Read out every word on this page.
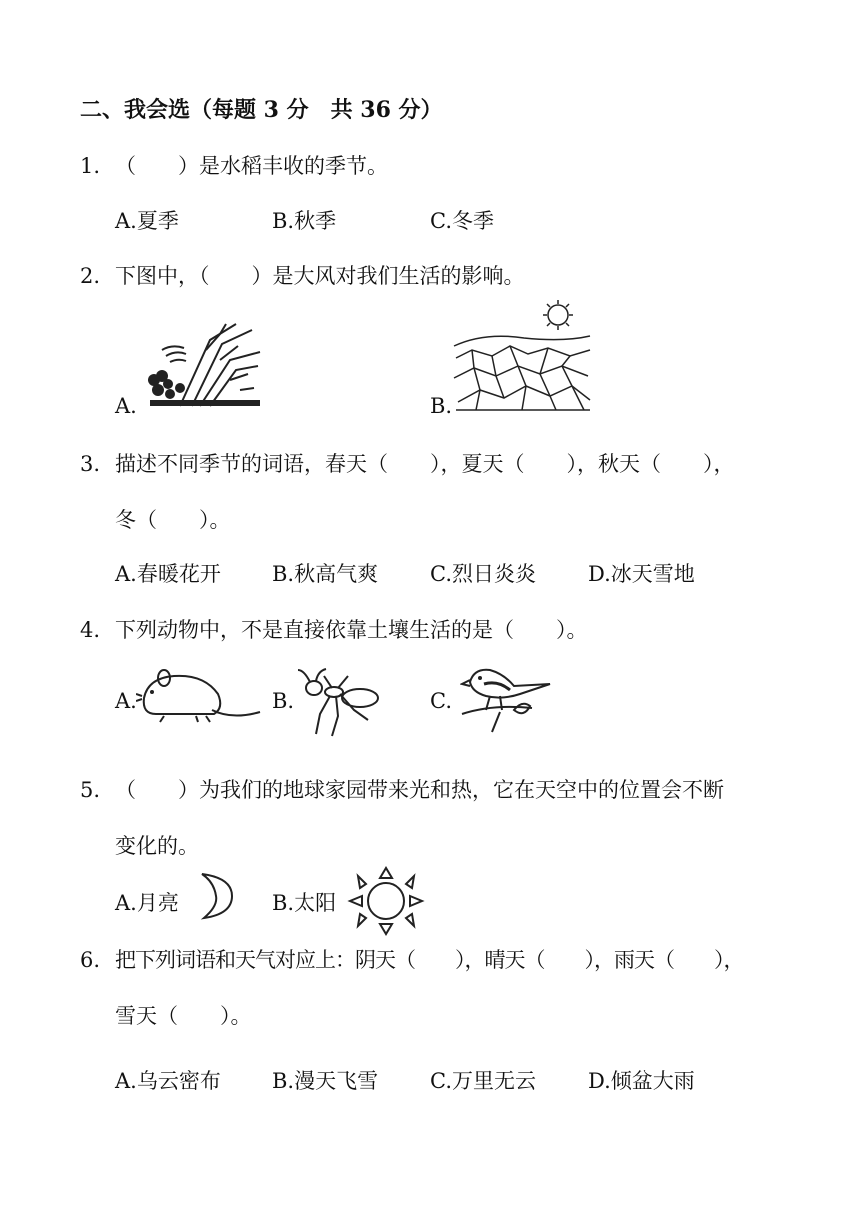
二、我会选（每题 3 分　共 36 分）
1. （　　）是水稻丰收的季节。
A.夏季	B.秋季	C.冬季
2. 下图中，（　　）是大风对我们生活的影响。
A.	B.
3. 描述不同季节的词语，春天（　　），夏天（　　），秋天（　　），
冬（　　）。
A.春暖花开 B.秋高气爽 C.烈日炎炎 D.冰天雪地
4. 下列动物中，不是直接依靠土壤生活的是（　　）。
A.	B.	C.
5. （　　）为我们的地球家园带来光和热，它在天空中的位置会不断
变化的。
A.月亮	B.太阳
6. 把下列词语和天气对应上：阴天（　　），晴天（　　），雨天（　　），
雪天（　　）。
A.乌云密布 B.漫天飞雪 C.万里无云 D.倾盆大雨
